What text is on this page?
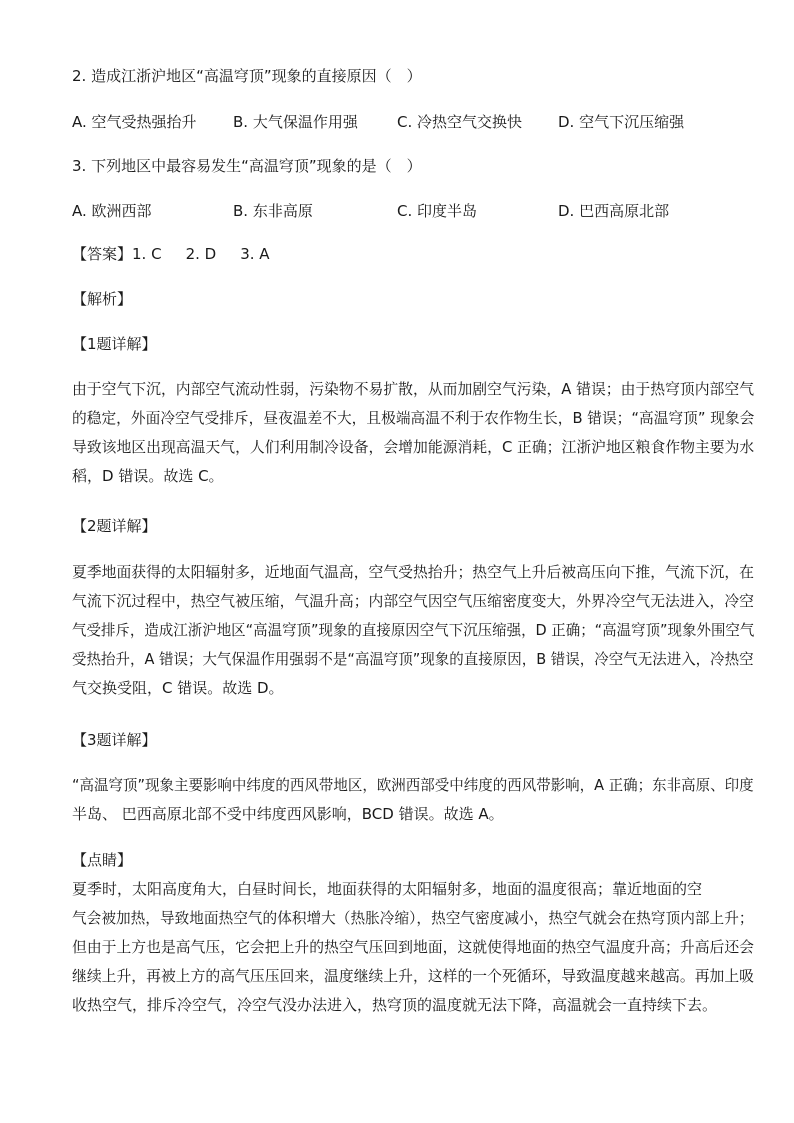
2. 造成江浙沪地区“高温穹顶”现象的直接原因（　）
A. 空气受热强抬升 B. 大气保温作用强	C. 冷热空气交换快 D. 空气下沉压缩强
3. 下列地区中最容易发生“高温穹顶”现象的是（　）
A. 欧洲西部	B. 东非高原	C. 印度半岛	D. 巴西高原北部
【答案】1. C 2. D 3. A
【解析】
【1题详解】
由于空气下沉，内部空气流动性弱，污染物不易扩散，从而加剧空气污染，A 错误；由于热穹顶内部空气
的稳定，外面冷空气受排斥，昼夜温差不大，且极端高温不利于农作物生长，B 错误；“高温穹顶” 现象会
导致该地区出现高温天气，人们利用制冷设备，会增加能源消耗，C 正确；江浙沪地区粮食作物主要为水
稻，D 错误。故选 C。
【2题详解】
夏季地面获得的太阳辐射多，近地面气温高，空气受热抬升；热空气上升后被高压向下推，气流下沉，在
气流下沉过程中，热空气被压缩，气温升高；内部空气因空气压缩密度变大，外界冷空气无法进入，冷空
气受排斥，造成江浙沪地区“高温穹顶”现象的直接原因空气下沉压缩强，D 正确；“高温穹顶”现象外围空气
受热抬升，A 错误；大气保温作用强弱不是“高温穹顶”现象的直接原因，B 错误，冷空气无法进入，冷热空
气交换受阻，C 错误。故选 D。
【3题详解】
“高温穹顶”现象主要影响中纬度的西风带地区，欧洲西部受中纬度的西风带影响，A 正确；东非高原、印度
半岛、 巴西高原北部不受中纬度西风影响，BCD 错误。故选 A。
【点睛】
夏季时，太阳高度角大，白昼时间长，地面获得的太阳辐射多，地面的温度很高；靠近地面的空
气会被加热，导致地面热空气的体积增大（热胀冷缩），热空气密度减小，热空气就会在热穹顶内部上升；
但由于上方也是高气压，它会把上升的热空气压回到地面，这就使得地面的热空气温度升高；升高后还会
继续上升，再被上方的高气压压回来，温度继续上升，这样的一个死循环，导致温度越来越高。再加上吸
收热空气，排斥冷空气，冷空气没办法进入，热穹顶的温度就无法下降，高温就会一直持续下去。
